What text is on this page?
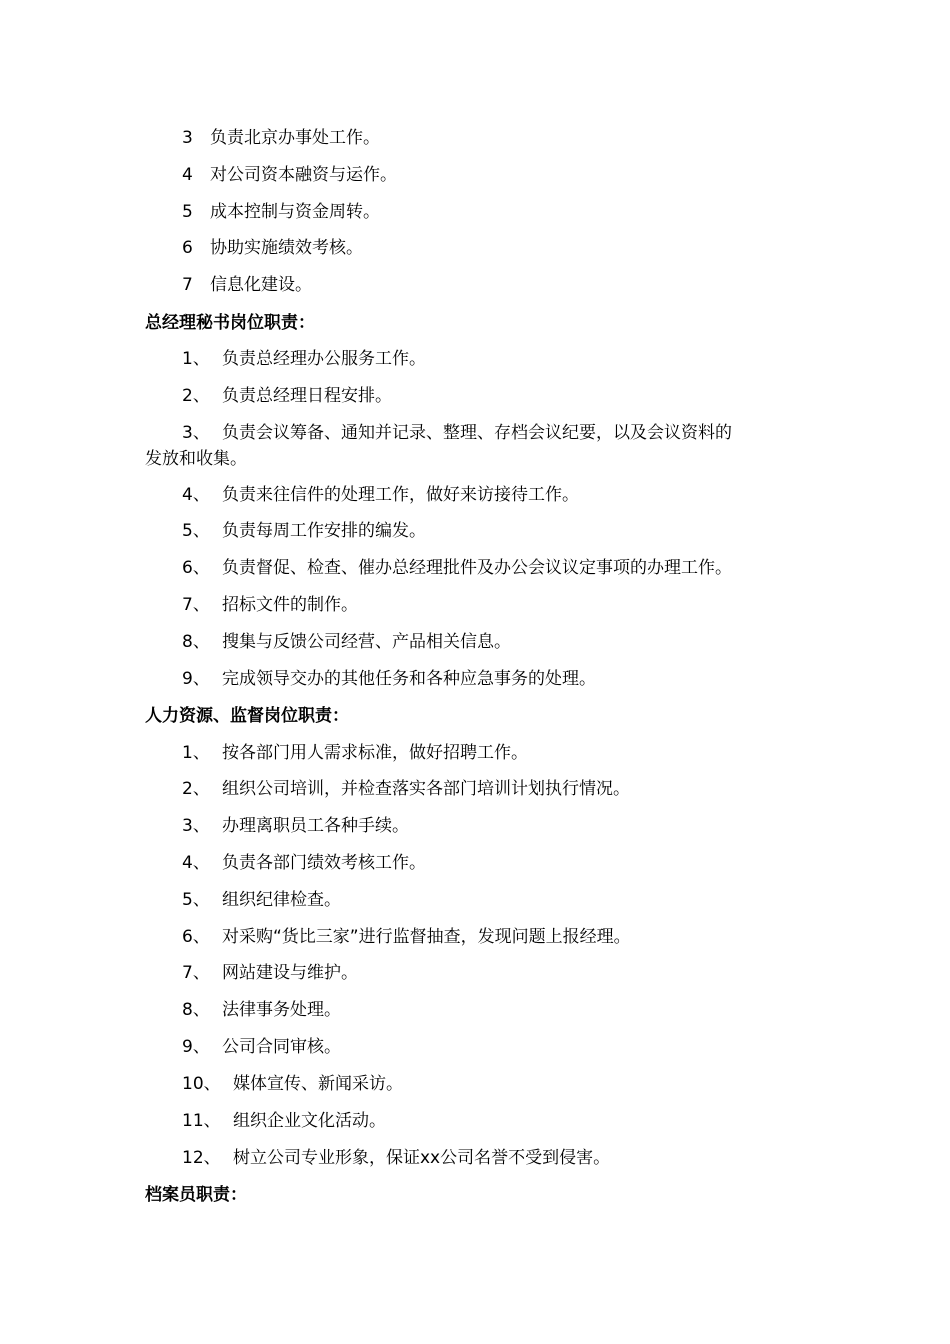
3 负责北京办事处工作。
4 对公司资本融资与运作。
5 成本控制与资金周转。
6 协助实施绩效考核。
7 信息化建设。
总经理秘书岗位职责：
1、 负责总经理办公服务工作。
2、 负责总经理日程安排。
3、 负责会议筹备、通知并记录、整理、存档会议纪要，以及会议资料的
发放和收集。
4、 负责来往信件的处理工作，做好来访接待工作。
5、 负责每周工作安排的编发。
6、 负责督促、检查、催办总经理批件及办公会议议定事项的办理工作。
7、 招标文件的制作。
8、 搜集与反馈公司经营、产品相关信息。
9、 完成领导交办的其他任务和各种应急事务的处理。
人力资源、监督岗位职责：
1、 按各部门用人需求标准，做好招聘工作。
2、 组织公司培训，并检查落实各部门培训计划执行情况。
3、 办理离职员工各种手续。
4、 负责各部门绩效考核工作。
5、 组织纪律检查。
6、 对采购“货比三家”进行监督抽查，发现问题上报经理。
7、 网站建设与维护。
8、 法律事务处理。
9、 公司合同审核。
10、 媒体宣传、新闻采访。
11、 组织企业文化活动。
12、 树立公司专业形象，保证xx公司名誉不受到侵害。
档案员职责：
